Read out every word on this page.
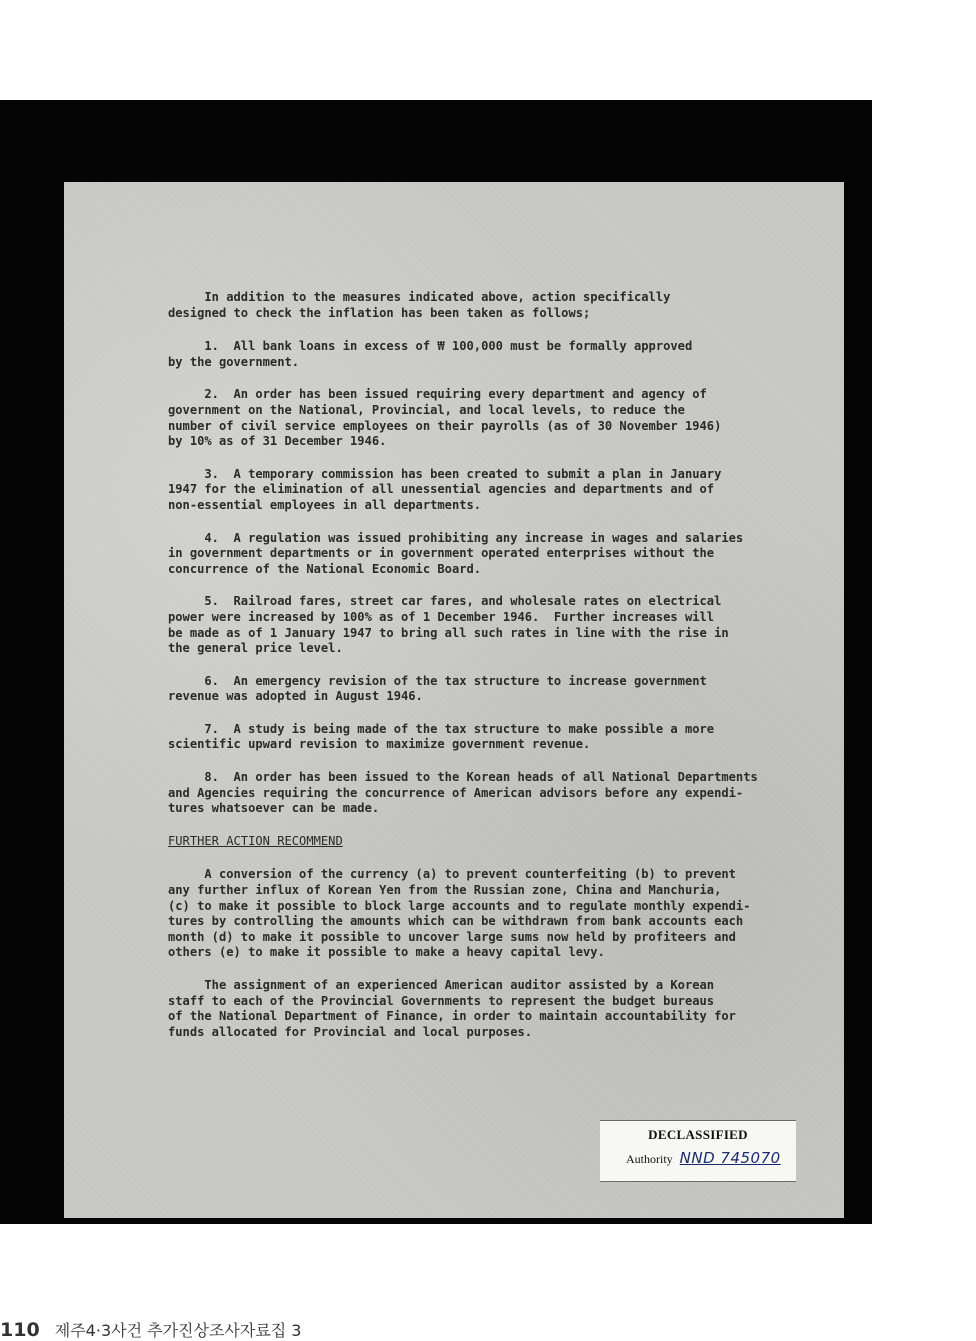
In addition to the measures indicated above, action specifically
designed to check the inflation has been taken as follows;

1.  All bank loans in excess of ₩ 100,000 must be formally approved
by the government.

2.  An order has been issued requiring every department and agency of
government on the National, Provincial, and local levels, to reduce the
number of civil service employees on their payrolls (as of 30 November 1946)
by 10% as of 31 December 1946.

3.  A temporary commission has been created to submit a plan in January
1947 for the elimination of all unessential agencies and departments and of
non-essential employees in all departments.

4.  A regulation was issued prohibiting any increase in wages and salaries
in government departments or in government operated enterprises without the
concurrence of the National Economic Board.

5.  Railroad fares, street car fares, and wholesale rates on electrical
power were increased by 100% as of 1 December 1946.  Further increases will
be made as of 1 January 1947 to bring all such rates in line with the rise in
the general price level.

6.  An emergency revision of the tax structure to increase government
revenue was adopted in August 1946.

7.  A study is being made of the tax structure to make possible a more
scientific upward revision to maximize government revenue.

8.  An order has been issued to the Korean heads of all National Departments
and Agencies requiring the concurrence of American advisors before any expendi-
tures whatsoever can be made.

FURTHER ACTION RECOMMEND

A conversion of the currency (a) to prevent counterfeiting (b) to prevent
any further influx of Korean Yen from the Russian zone, China and Manchuria,
(c) to make it possible to block large accounts and to regulate monthly expendi-
tures by controlling the amounts which can be withdrawn from bank accounts each
month (d) to make it possible to uncover large sums now held by profiteers and
others (e) to make it possible to make a heavy capital levy.

The assignment of an experienced American auditor assisted by a Korean
staff to each of the Provincial Governments to represent the budget bureaus
of the National Department of Finance, in order to maintain accountability for
funds allocated for Provincial and local purposes.

DECLASSIFIED
Authority NND 745070
110 제주4·3사건 추가진상조사자료집 3
